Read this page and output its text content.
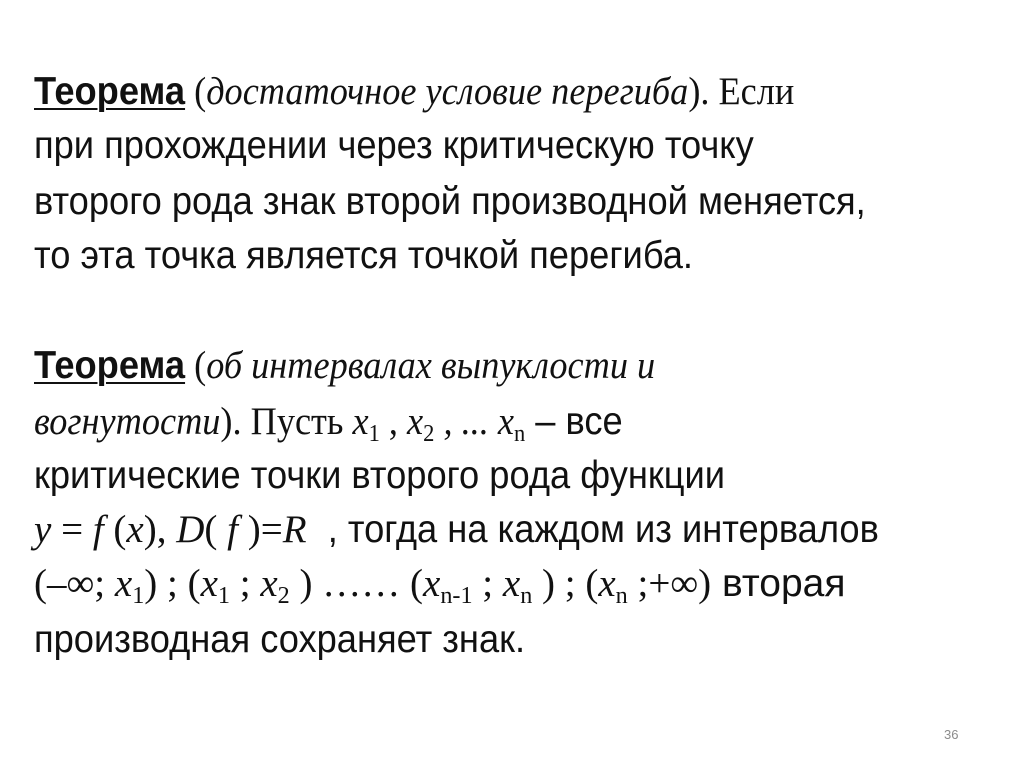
Теорема (достаточное условие перегиба). Если
при прохождении через критическую точку
второго рода знак второй производной меняется,
то эта точка является точкой перегиба.
Теорема (об интервалах выпуклости и
вогнутости). Пусть $x_1$ , $x_2$ , ... $x_n$ – все
критические точки второго рода функции
y = f (x), D( f )=R , тогда на каждом из интервалов
(–∞; $x_1$) ; ($x_1$ ; $x_2$ ) …… ($x_{n-1}$ ; $x_n$ ) ; ($x_n$ ;+∞) вторая
производная сохраняет знак.
36
